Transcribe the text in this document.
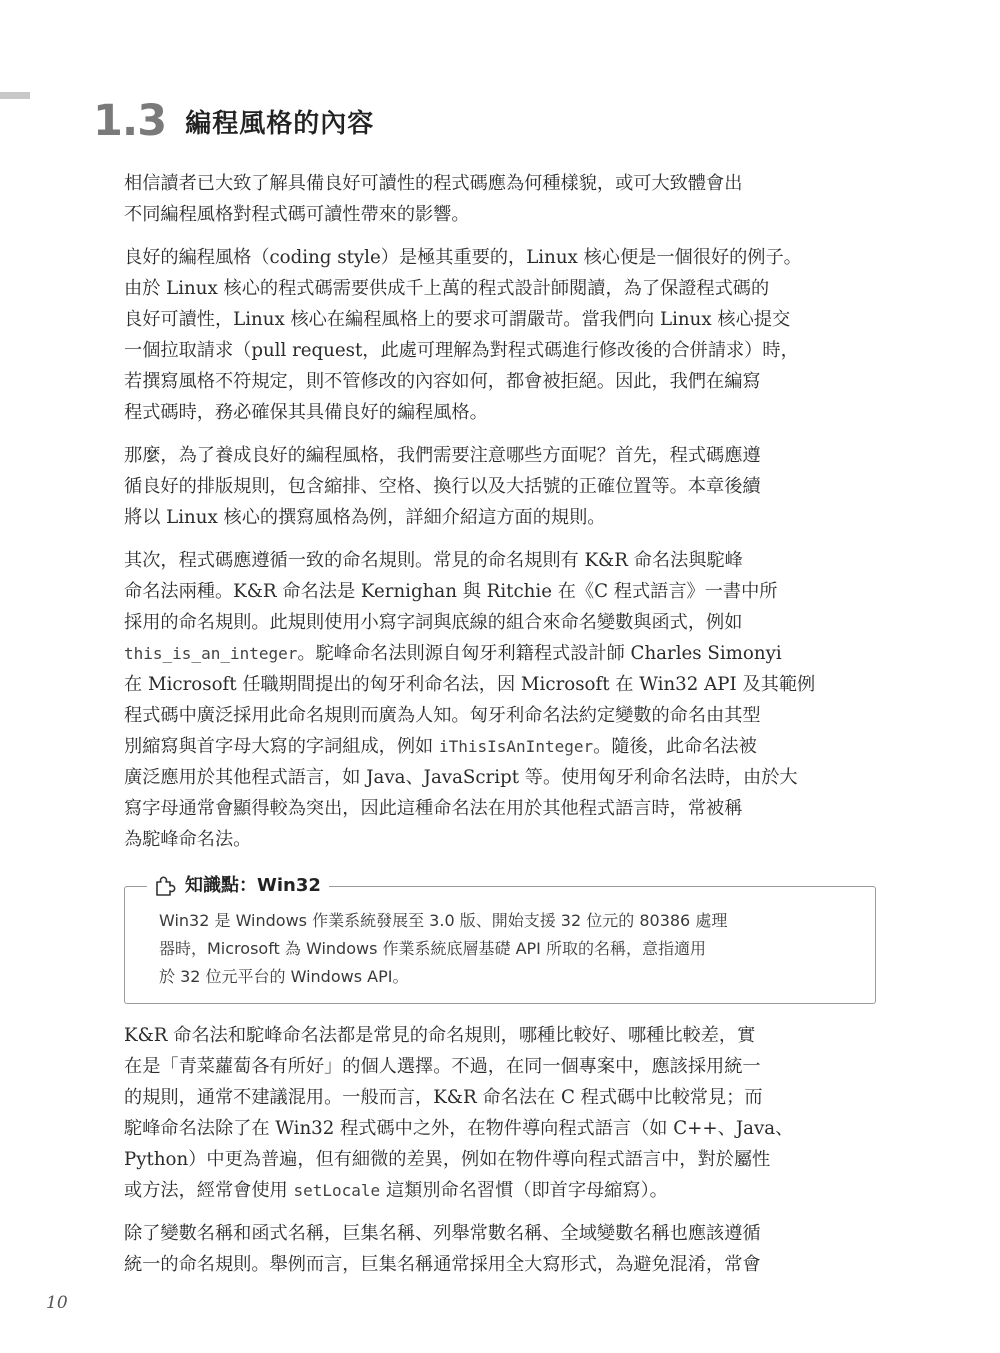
1.3 編程風格的內容

相信讀者已大致了解具備良好可讀性的程式碼應為何種樣貌，或可大致體會出
不同編程風格對程式碼可讀性帶來的影響。

良好的編程風格（coding style）是極其重要的，Linux 核心便是一個很好的例子。
由於 Linux 核心的程式碼需要供成千上萬的程式設計師閱讀，為了保證程式碼的
良好可讀性，Linux 核心在編程風格上的要求可謂嚴苛。當我們向 Linux 核心提交
一個拉取請求（pull request，此處可理解為對程式碼進行修改後的合併請求）時，
若撰寫風格不符規定，則不管修改的內容如何，都會被拒絕。因此，我們在編寫
程式碼時，務必確保其具備良好的編程風格。

那麼，為了養成良好的編程風格，我們需要注意哪些方面呢？首先，程式碼應遵
循良好的排版規則，包含縮排、空格、換行以及大括號的正確位置等。本章後續
將以 Linux 核心的撰寫風格為例，詳細介紹這方面的規則。

其次，程式碼應遵循一致的命名規則。常見的命名規則有 K&R 命名法與駝峰
命名法兩種。K&R 命名法是 Kernighan 與 Ritchie 在《C 程式語言》一書中所
採用的命名規則。此規則使用小寫字詞與底線的組合來命名變數與函式，例如
this_is_an_integer。駝峰命名法則源自匈牙利籍程式設計師 Charles Simonyi
在 Microsoft 任職期間提出的匈牙利命名法，因 Microsoft 在 Win32 API 及其範例
程式碼中廣泛採用此命名規則而廣為人知。匈牙利命名法約定變數的命名由其型
別縮寫與首字母大寫的字詞組成，例如 iThisIsAnInteger。隨後，此命名法被
廣泛應用於其他程式語言，如 Java、JavaScript 等。使用匈牙利命名法時，由於大
寫字母通常會顯得較為突出，因此這種命名法在用於其他程式語言時，常被稱
為駝峰命名法。

知識點：Win32
Win32 是 Windows 作業系統發展至 3.0 版、開始支援 32 位元的 80386 處理
器時，Microsoft 為 Windows 作業系統底層基礎 API 所取的名稱，意指適用
於 32 位元平台的 Windows API。

K&R 命名法和駝峰命名法都是常見的命名規則，哪種比較好、哪種比較差，實
在是「青菜蘿蔔各有所好」的個人選擇。不過，在同一個專案中，應該採用統一
的規則，通常不建議混用。一般而言，K&R 命名法在 C 程式碼中比較常見；而
駝峰命名法除了在 Win32 程式碼中之外，在物件導向程式語言（如 C++、Java、
Python）中更為普遍，但有細微的差異，例如在物件導向程式語言中，對於屬性
或方法，經常會使用 setLocale 這類別命名習慣（即首字母縮寫）。

除了變數名稱和函式名稱，巨集名稱、列舉常數名稱、全域變數名稱也應該遵循
統一的命名規則。舉例而言，巨集名稱通常採用全大寫形式，為避免混淆，常會

10
